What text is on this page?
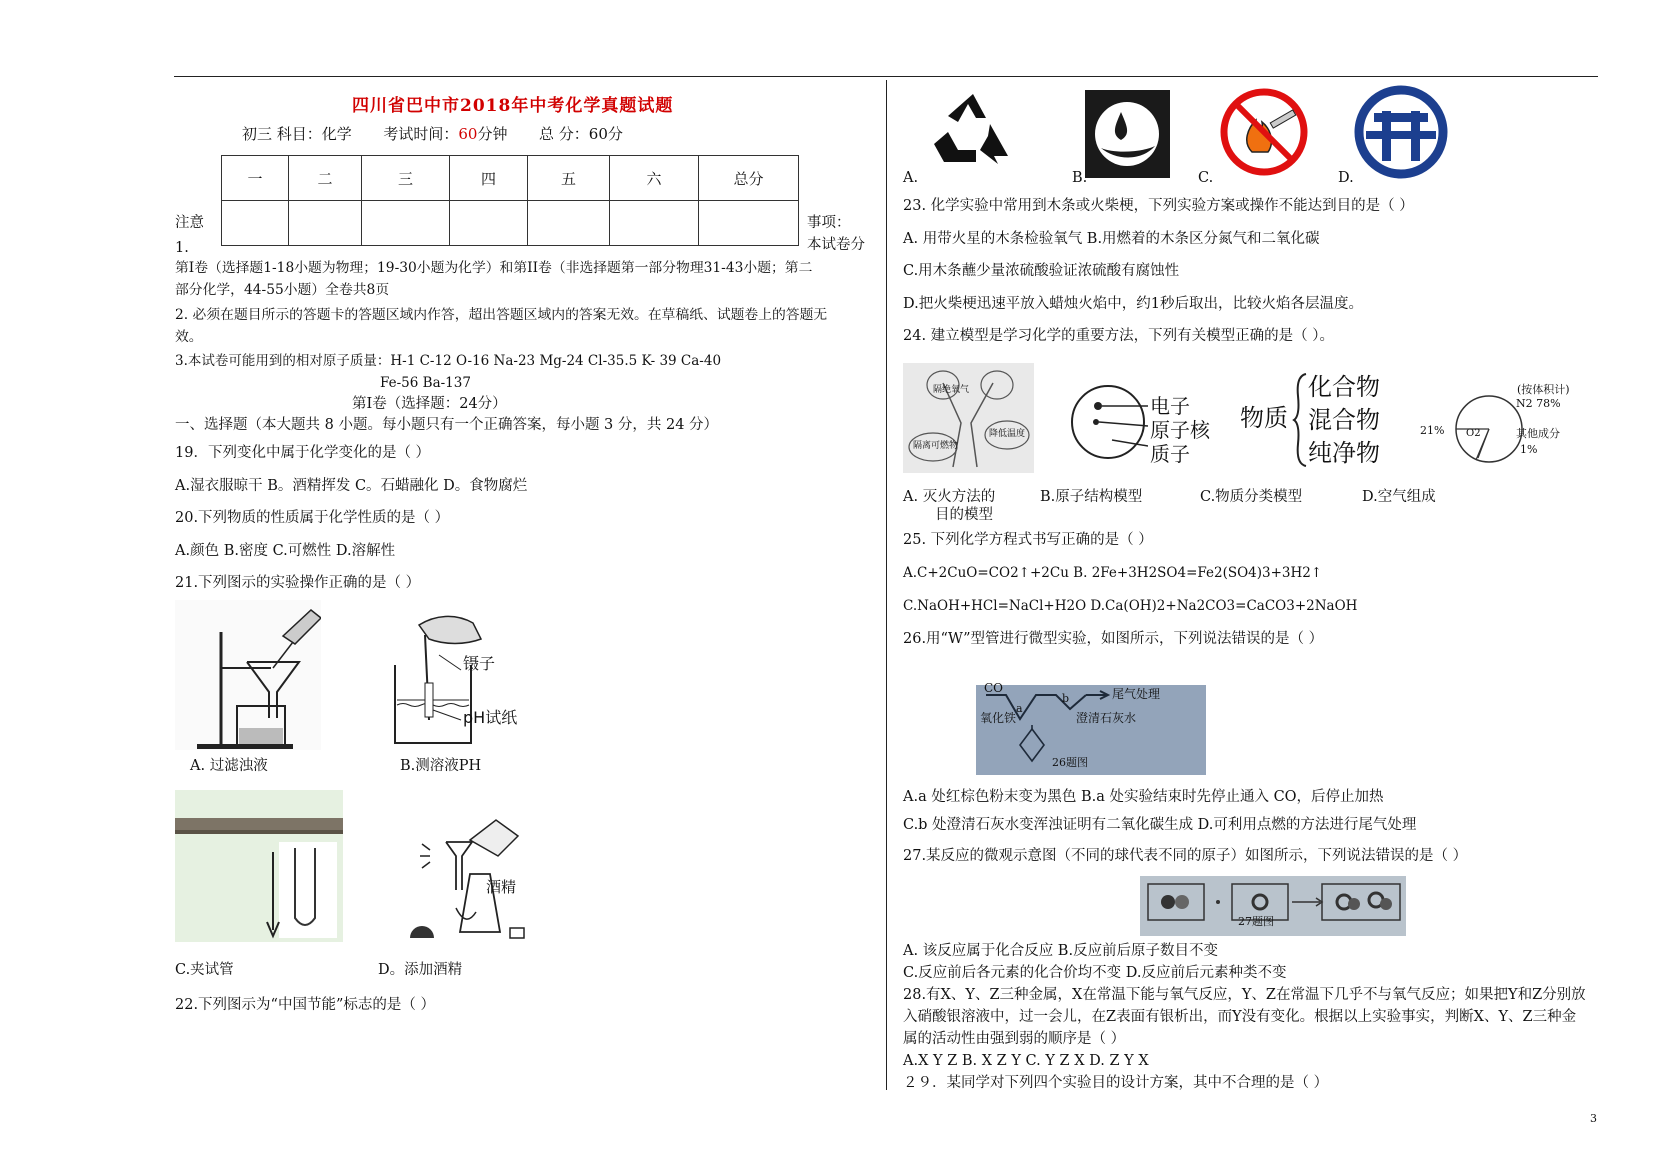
四川省巴中市2018年中考化学真题试题
初三 科目：化学 考试时间：60分钟 总 分：60分
一	二	三	四	五	六	总分

注意
1.
事项：
本试卷分
第Ⅰ卷（选择题1-18小题为物理；19-30小题为化学）和第II卷（非选择题第一部分物理31-43小题；第二
部分化学，44-55小题）全卷共8页
2. 必须在题目所示的答题卡的答题区域内作答，超出答题区域内的答案无效。在草稿纸、试题卷上的答题无
效。
3.本试卷可能用到的相对原子质量：H-1 C-12 O-16 Na-23 Mg-24 Cl-35.5 K- 39 Ca-40
Fe-56 Ba-137
第Ⅰ卷（选择题：24分）
一、选择题（本大题共 8 小题。每小题只有一个正确答案，每小题 3 分，共 24 分）
19．下列变化中属于化学变化的是（ ）
A.湿衣服晾干 B。酒精挥发 C。石蜡融化 D。食物腐烂
20.下列物质的性质属于化学性质的是（ ）
A.颜色 B.密度 C.可燃性 D.溶解性
21.下列图示的实验操作正确的是（ ）
A. 过滤浊液
镊子
pH试纸
B.测溶液PH
C.夹试管
酒精
D。添加酒精
22.下列图示为“中国节能”标志的是（ ）
A.	B.	C.	D.
23. 化学实验中常用到木条或火柴梗，下列实验方案或操作不能达到目的是（ ）
A. 用带火星的木条检验氧气 B.用燃着的木条区分氮气和二氧化碳
C.用木条蘸少量浓硫酸验证浓硫酸有腐蚀性
D.把火柴梗迅速平放入蜡烛火焰中，约1秒后取出，比较火焰各层温度。
24. 建立模型是学习化学的重要方法，下列有关模型正确的是（ ）。
隔绝氧气
隔离可燃物
降低温度
电子
原子核
质子
物质
化合物
混合物
纯净物
(按体积计)
N2 78%
21% O2	其他成分
1%
A. 灭火方法的
目的模型
B.原子结构模型	C.物质分类模型	D.空气组成
25. 下列化学方程式书写正确的是（ ）
A.C+2CuO=CO2↑+2Cu B. 2Fe+3H2SO4=Fe2(SO4)3+3H2↑
C.NaOH+HCl=NaCl+H2O D.Ca(OH)2+Na2CO3=CaCO3+2NaOH
26.用“W”型管进行微型实验，如图所示，下列说法错误的是（ ）
CO
a
b	尾气处理
氧化铁	澄清石灰水
26题图
A.a 处红棕色粉末变为黑色 B.a 处实验结束时先停止通入 CO，后停止加热
C.b 处澄清石灰水变浑浊证明有二氧化碳生成 D.可利用点燃的方法进行尾气处理
27.某反应的微观示意图（不同的球代表不同的原子）如图所示，下列说法错误的是（ ）
27题图
A. 该反应属于化合反应 B.反应前后原子数目不变
C.反应前后各元素的化合价均不变 D.反应前后元素种类不变
28.有X、Y、Z三种金属，X在常温下能与氧气反应，Y、Z在常温下几乎不与氧气反应；如果把Y和Z分别放
入硝酸银溶液中，过一会儿，在Z表面有银析出，而Y没有变化。根据以上实验事实，判断X、Y、Z三种金
属的活动性由强到弱的顺序是（ ）
A.X Y Z B. X Z Y C. Y Z X D. Z Y X
２９．某同学对下列四个实验目的设计方案，其中不合理的是（ ）
3
